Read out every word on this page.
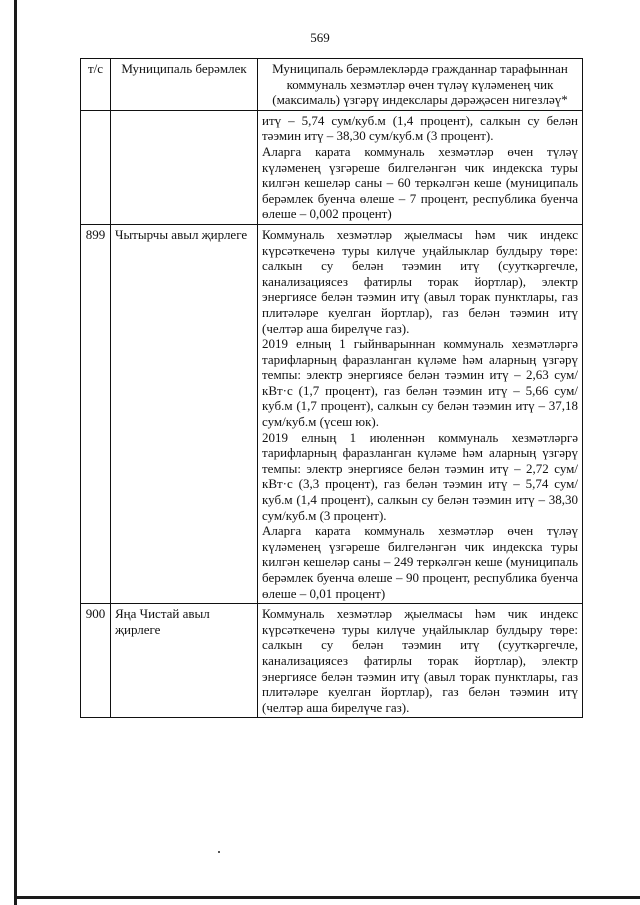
569
т/с	Муниципаль берәмлек	Муниципаль берәмлекләрдә гражданнар тарафыннан коммуналь хезмәтләр өчен түләү күләменең чик (максималь) үзгәрү индекслары дәрәҗәсен нигезләү*

		итү – 5,74 сум/куб.м (1,4 процент), салкын су белән тәэмин итү – 38,30 сум/куб.м (3 процент).

Аларга карата коммуналь хезмәтләр өчен түләү күләменең үзгәреше билгеләнгән чик индекска туры килгән кешеләр саны – 60 теркәлгән кеше (муниципаль берәмлек буенча өлеше – 7 процент, республика буенча өлеше – 0,002 процент)

899	Чытырчы авыл җирлеге	Коммуналь хезмәтләр җыелмасы һәм чик индекс күрсәткеченә туры килүче уңайлыклар булдыру төре: салкын су белән тәэмин итү (сууткәргечле, канализациясез фатирлы торак йортлар), электр энергиясе белән тәэмин итү (авыл торак пунктлары, газ плитәләре куелган йортлар), газ белән тәэмин итү (челтәр аша бирелүче газ).

2019 елның 1 гыйнварыннан коммуналь хезмәтләргә тарифларның фаразланган күләме һәм аларның үзгәрү темпы: электр энергиясе белән тәэмин итү – 2,63 сум/кВт·с (1,7 процент), газ белән тәэмин итү – 5,66 сум/куб.м (1,7 процент), салкын су белән тәэмин итү – 37,18 сум/куб.м (үсеш юк).

2019 елның 1 июленнән коммуналь хезмәтләргә тарифларның фаразланган күләме һәм аларның үзгәрү темпы: электр энергиясе белән тәэмин итү – 2,72 сум/кВт·с (3,3 процент), газ белән тәэмин итү – 5,74 сум/куб.м (1,4 процент), салкын су белән тәэмин итү – 38,30 сум/куб.м (3 процент).

Аларга карата коммуналь хезмәтләр өчен түләү күләменең үзгәреше билгеләнгән чик индекска туры килгән кешеләр саны – 249 теркәлгән кеше (муниципаль берәмлек буенча өлеше – 90 процент, республика буенча өлеше – 0,01 процент)

900	Яңа Чистай авыл җирлеге	Коммуналь хезмәтләр җыелмасы һәм чик индекс күрсәткеченә туры килүче уңайлыклар булдыру төре: салкын су белән тәэмин итү (сууткәргечле, канализациясез фатирлы торак йортлар), электр энергиясе белән тәэмин итү (авыл торак пунктлары, газ плитәләре куелган йортлар), газ белән тәэмин итү (челтәр аша бирелүче газ).
